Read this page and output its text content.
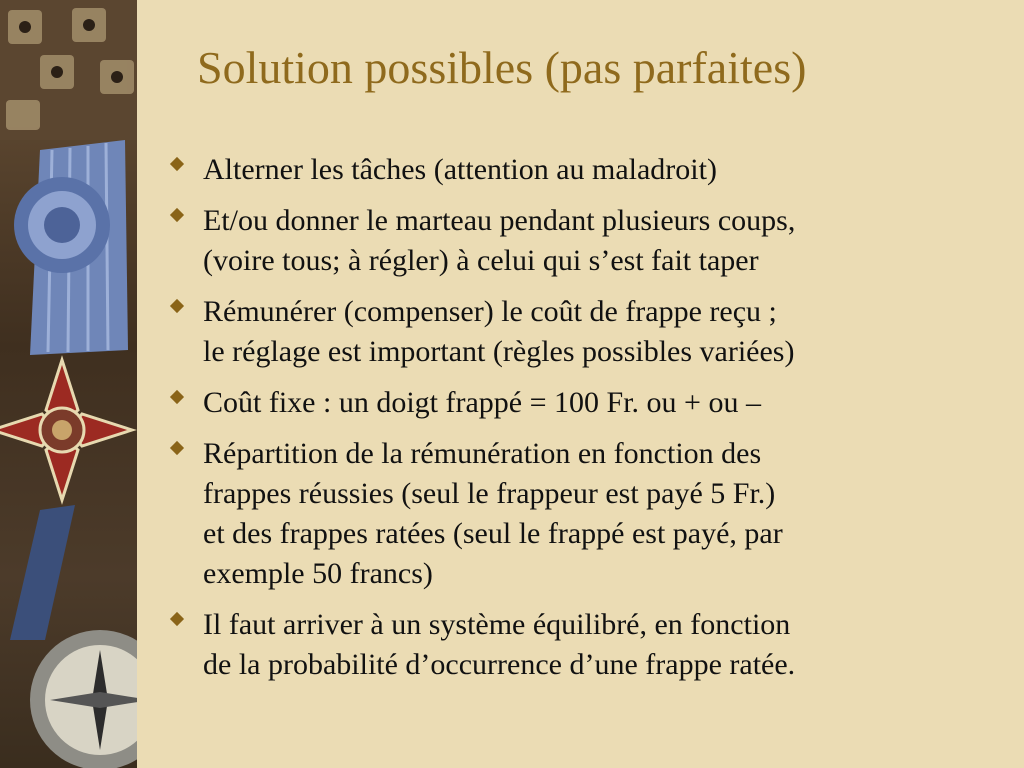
Solution possibles (pas parfaites)
Alterner les tâches (attention au maladroit)
Et/ou donner le marteau pendant plusieurs coups,
(voire tous; à régler) à celui qui s’est fait taper
Rémunérer (compenser) le coût de frappe reçu ;
le réglage est important (règles possibles variées)
Coût fixe : un doigt frappé = 100 Fr. ou + ou –
Répartition de la rémunération en fonction des
frappes réussies (seul le frappeur est payé 5 Fr.)
et des frappes ratées (seul le frappé est payé, par
exemple 50 francs)
Il faut arriver à un système équilibré, en fonction
de la probabilité d’occurrence d’une frappe ratée.
